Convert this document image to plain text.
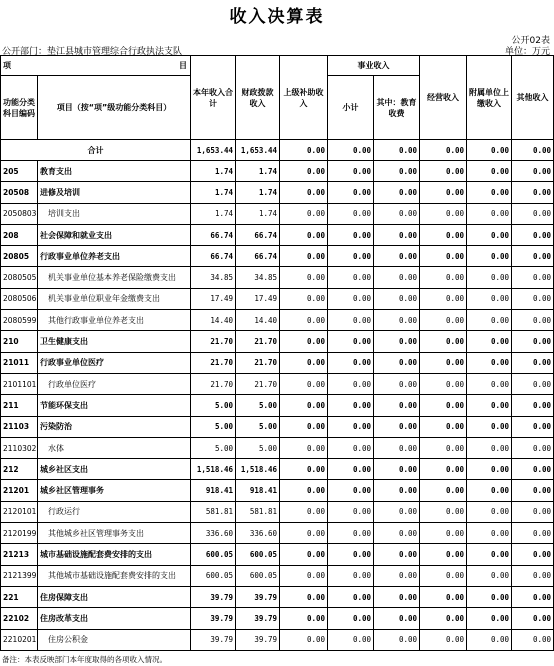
收入决算表
公开02表
公开部门：垫江县城市管理综合行政执法支队	单位：万元
项 目		本年收入合计	财政拨款收入	上级补助收入	事业收入		经营收入	附属单位上缴收入	其他收入
功能分类科目编码	项目（按“项”级功能分类科目）				小计	其中：教育收费			

合计		1,653.44	1,653.44	0.00	0.00	0.00	0.00	0.00	0.00
205	教育支出	1.74	1.74	0.00	0.00	0.00	0.00	0.00	0.00
20508	进修及培训	1.74	1.74	0.00	0.00	0.00	0.00	0.00	0.00
2050803	培训支出	1.74	1.74	0.00	0.00	0.00	0.00	0.00	0.00
208	社会保障和就业支出	66.74	66.74	0.00	0.00	0.00	0.00	0.00	0.00
20805	行政事业单位养老支出	66.74	66.74	0.00	0.00	0.00	0.00	0.00	0.00
2080505	机关事业单位基本养老保险缴费支出	34.85	34.85	0.00	0.00	0.00	0.00	0.00	0.00
2080506	机关事业单位职业年金缴费支出	17.49	17.49	0.00	0.00	0.00	0.00	0.00	0.00
2080599	其他行政事业单位养老支出	14.40	14.40	0.00	0.00	0.00	0.00	0.00	0.00
210	卫生健康支出	21.70	21.70	0.00	0.00	0.00	0.00	0.00	0.00
21011	行政事业单位医疗	21.70	21.70	0.00	0.00	0.00	0.00	0.00	0.00
2101101	行政单位医疗	21.70	21.70	0.00	0.00	0.00	0.00	0.00	0.00
211	节能环保支出	5.00	5.00	0.00	0.00	0.00	0.00	0.00	0.00
21103	污染防治	5.00	5.00	0.00	0.00	0.00	0.00	0.00	0.00
2110302	水体	5.00	5.00	0.00	0.00	0.00	0.00	0.00	0.00
212	城乡社区支出	1,518.46	1,518.46	0.00	0.00	0.00	0.00	0.00	0.00
21201	城乡社区管理事务	918.41	918.41	0.00	0.00	0.00	0.00	0.00	0.00
2120101	行政运行	581.81	581.81	0.00	0.00	0.00	0.00	0.00	0.00
2120199	其他城乡社区管理事务支出	336.60	336.60	0.00	0.00	0.00	0.00	0.00	0.00
21213	城市基础设施配套费安排的支出	600.05	600.05	0.00	0.00	0.00	0.00	0.00	0.00
2121399	其他城市基础设施配套费安排的支出	600.05	600.05	0.00	0.00	0.00	0.00	0.00	0.00
221	住房保障支出	39.79	39.79	0.00	0.00	0.00	0.00	0.00	0.00
22102	住房改革支出	39.79	39.79	0.00	0.00	0.00	0.00	0.00	0.00
2210201	住房公积金	39.79	39.79	0.00	0.00	0.00	0.00	0.00	0.00
备注：本表反映部门本年度取得的各项收入情况。
